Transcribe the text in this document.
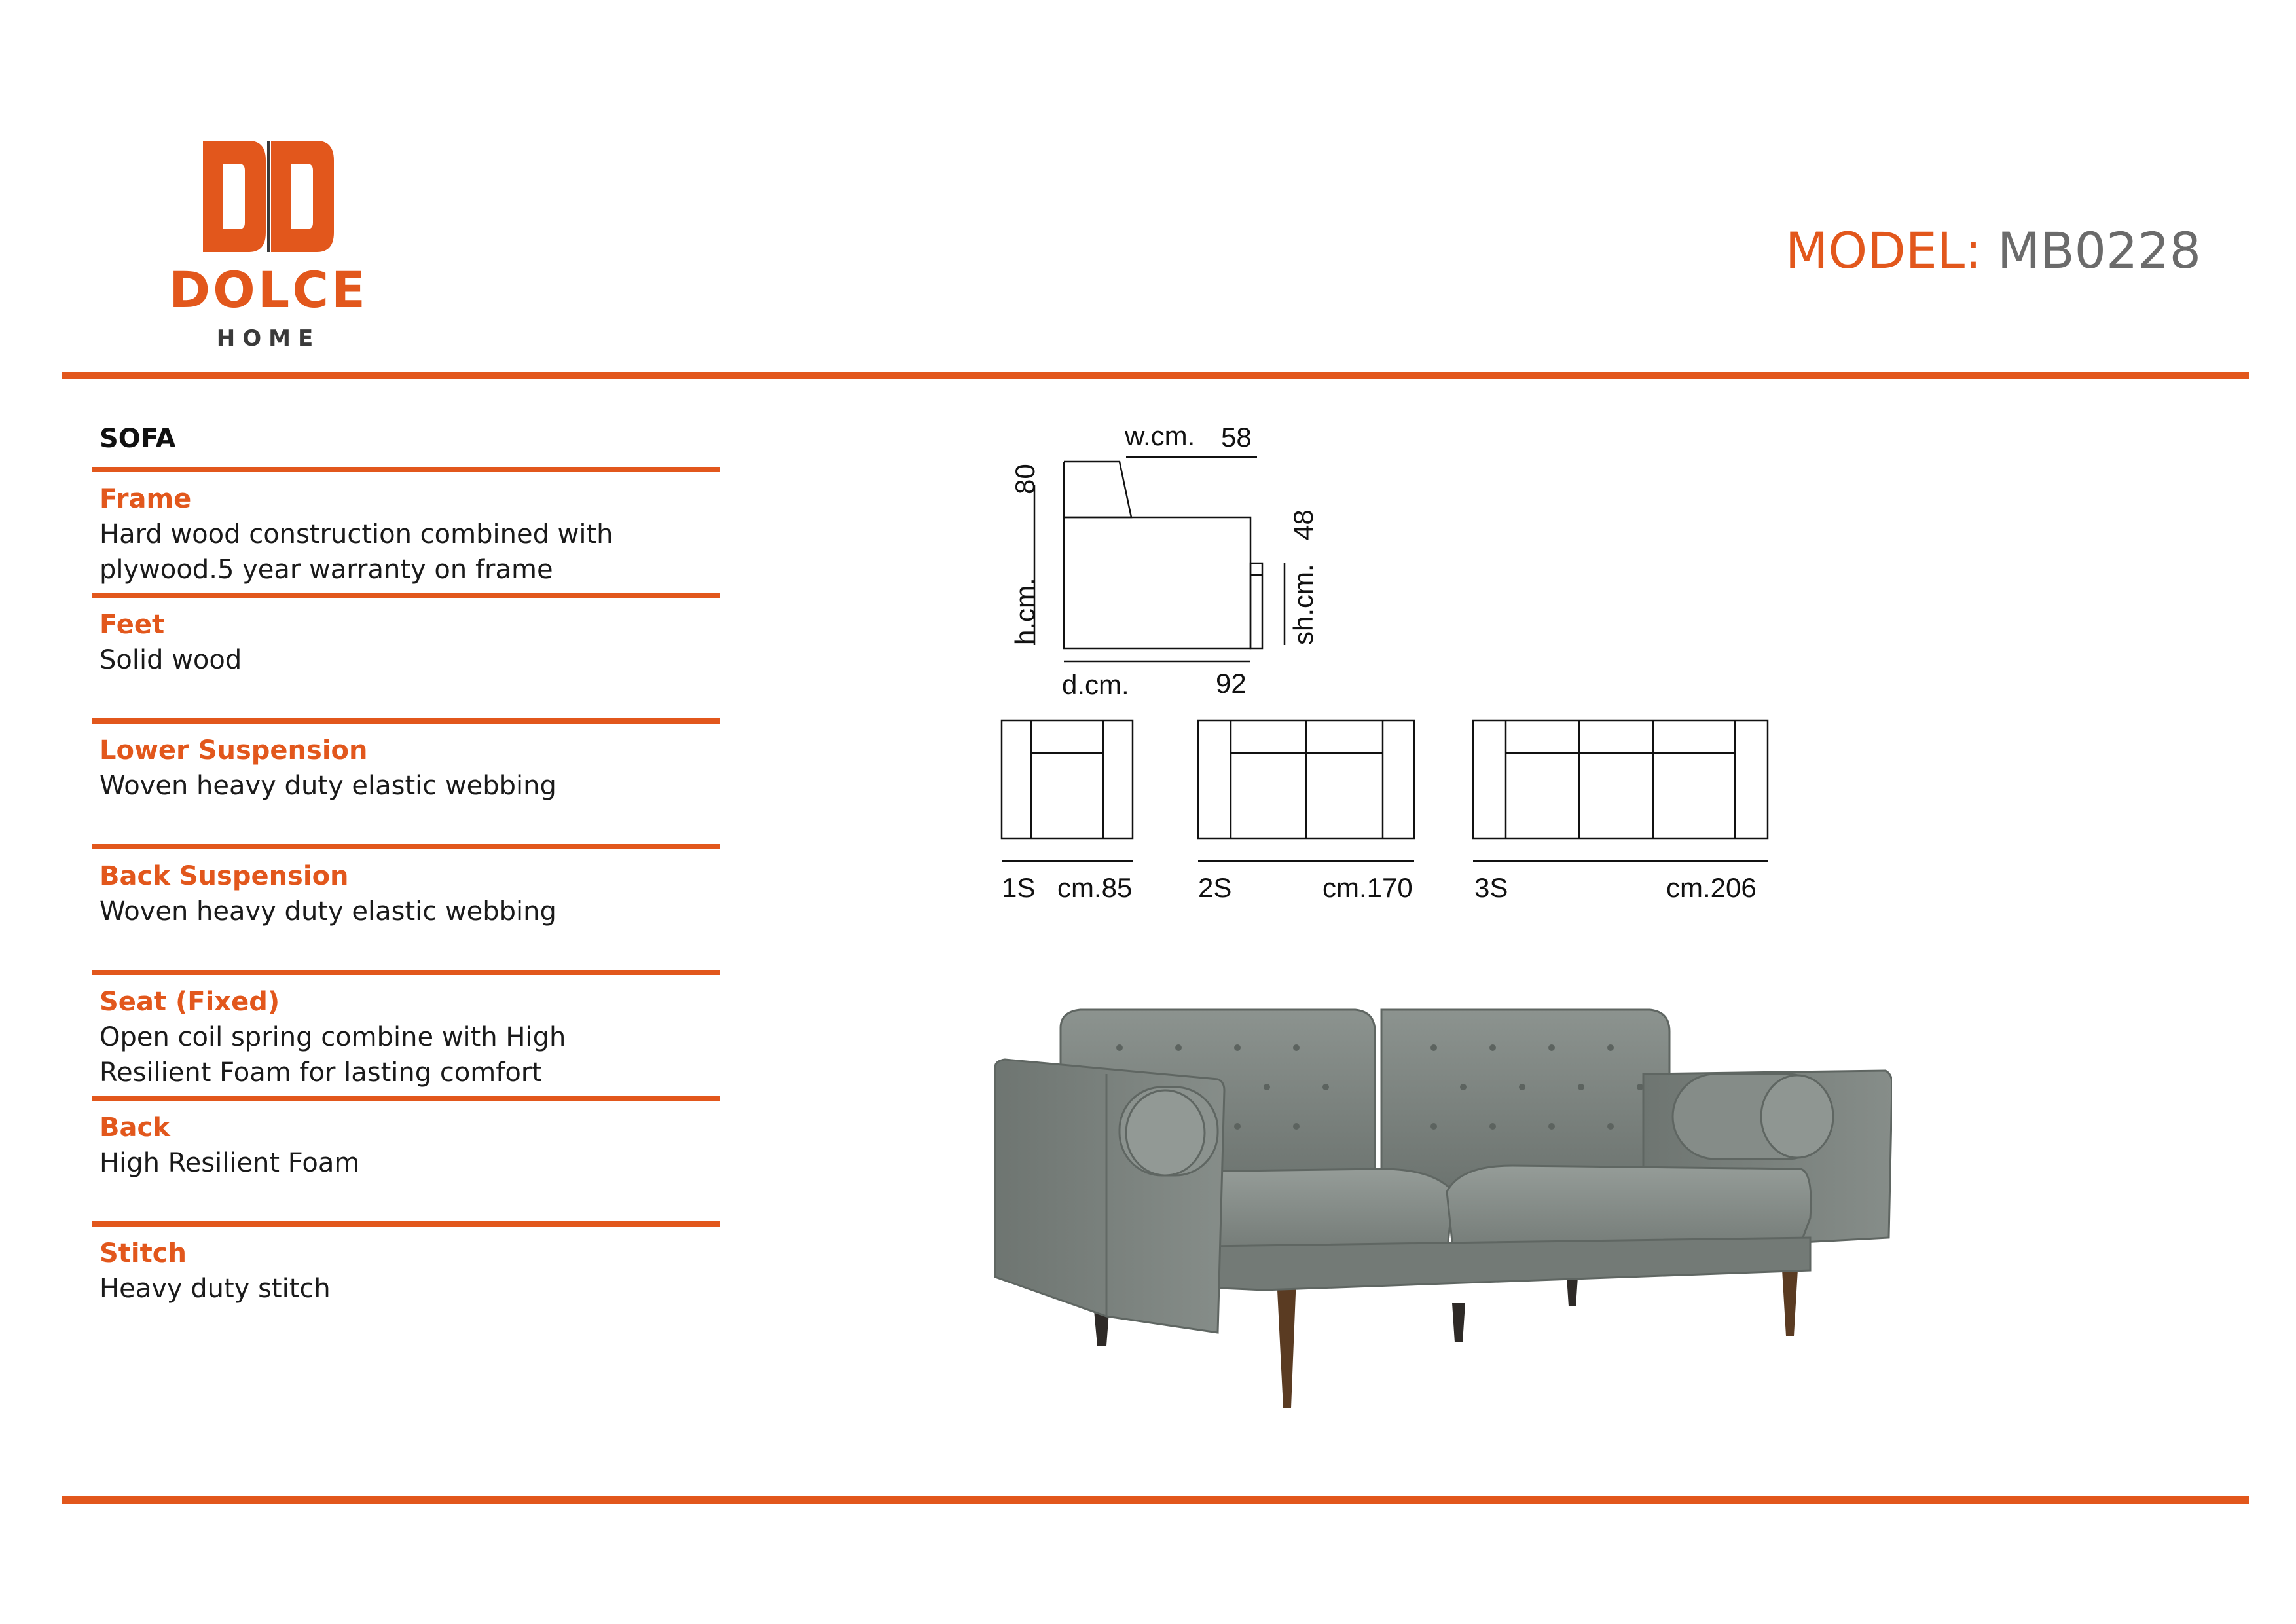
DOLCE
HOME
MODEL: MB0228
SOFA
Frame
Hard wood construction combined with
plywood.5 year warranty on frame
Feet
Solid wood
Lower Suspension
Woven heavy duty elastic webbing
Back Suspension
Woven heavy duty elastic webbing
Seat (Fixed)
Open coil spring combine with High
Resilient Foam for lasting comfort
Back
High Resilient Foam
Stitch
Heavy duty stitch
w.cm. 58
80
h.cm.
48
sh.cm.
d.cm.	92
1S cm.85 2S	cm.170 3S	cm.206
